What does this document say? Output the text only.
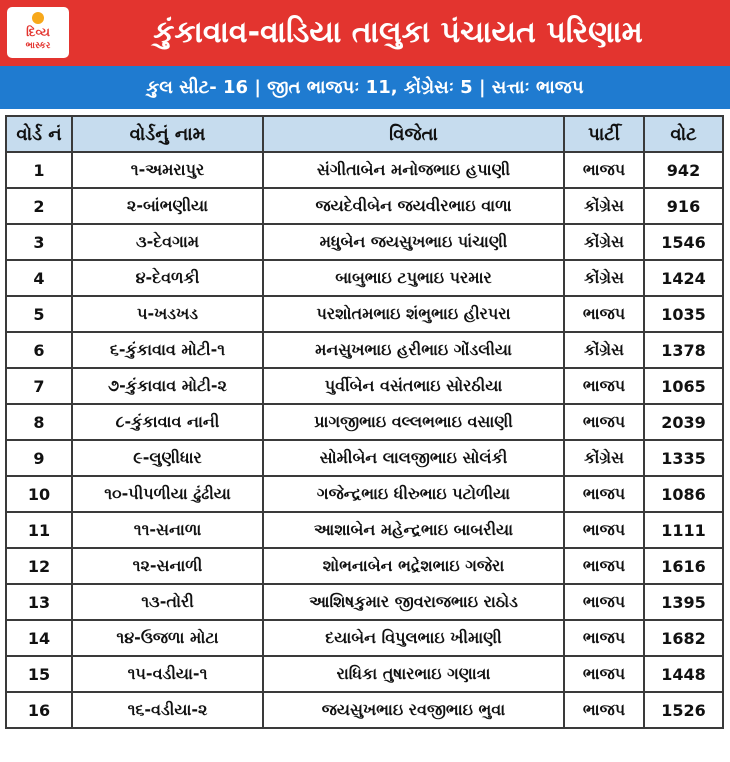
દિવ્ય
ભાસ્કર	કુંકાવાવ-વાડિયા તાલુકા પંચાયત પરિણામ
કુલ સીટ- 16 | જીત ભાજપઃ 11, કોંગ્રેસઃ 5 | સત્તાઃ ભાજપ
વોર્ડ નં	વોર્ડનું નામ	વિજેતા	પાર્ટી	વોટ
1	૧-અમરાપુર	સંગીતાબેન મનોજભાઇ હપાણી	ભાજપ	942
2	૨-બાંભણીયા	જયદેવીબેન જયવીરભાઇ વાળા	કોંગ્રેસ	916
3	૩-દેવગામ	મધુબેન જયસુખભાઇ પાંચાણી	કોંગ્રેસ	1546
4	૪-દેવળકી	બાબુભાઇ ટપુભાઇ પરમાર	કોંગ્રેસ	1424
5	૫-ખડખડ	પરશોતમભાઇ શંભુભાઇ હીરપરા	ભાજપ	1035
6	૬-કુંકાવાવ મોટી-૧	મનસુખભાઇ હરીભાઇ ગોંડલીયા	કોંગ્રેસ	1378
7	૭-કુંકાવાવ મોટી-૨	પુર્વીબેન વસંતભાઇ સોરઠીયા	ભાજપ	1065
8	૮-કુંકાવાવ નાની	પ્રાગજીભાઇ વલ્લભભાઇ વસાણી	ભાજપ	2039
9	૯-લુણીધાર	સોમીબેન લાલજીભાઇ સોલંકી	કોંગ્રેસ	1335
10	૧૦-પીપળીયા ઢુંઢીયા	ગજેન્દ્રભાઇ ધીરુભાઇ પટોળીયા	ભાજપ	1086
11	૧૧-સનાળા	આશાબેન મહેન્દ્રભાઇ બાબરીયા	ભાજપ	1111
12	૧૨-સનાળી	શોભનાબેન ભદ્રેશભાઇ ગજેરા	ભાજપ	1616
13	૧૩-તોરી	આશિષકુમાર જીવરાજભાઇ રાઠોડ	ભાજપ	1395
14	૧૪-ઉજળા મોટા	દયાબેન વિપુલભાઇ ખીમાણી	ભાજપ	1682
15	૧૫-વડીયા-૧	રાધિકા તુષારભાઇ ગણાત્રા	ભાજપ	1448
16	૧૬-વડીયા-૨	જયસુખભાઇ રવજીભાઇ ભુવા	ભાજપ	1526
